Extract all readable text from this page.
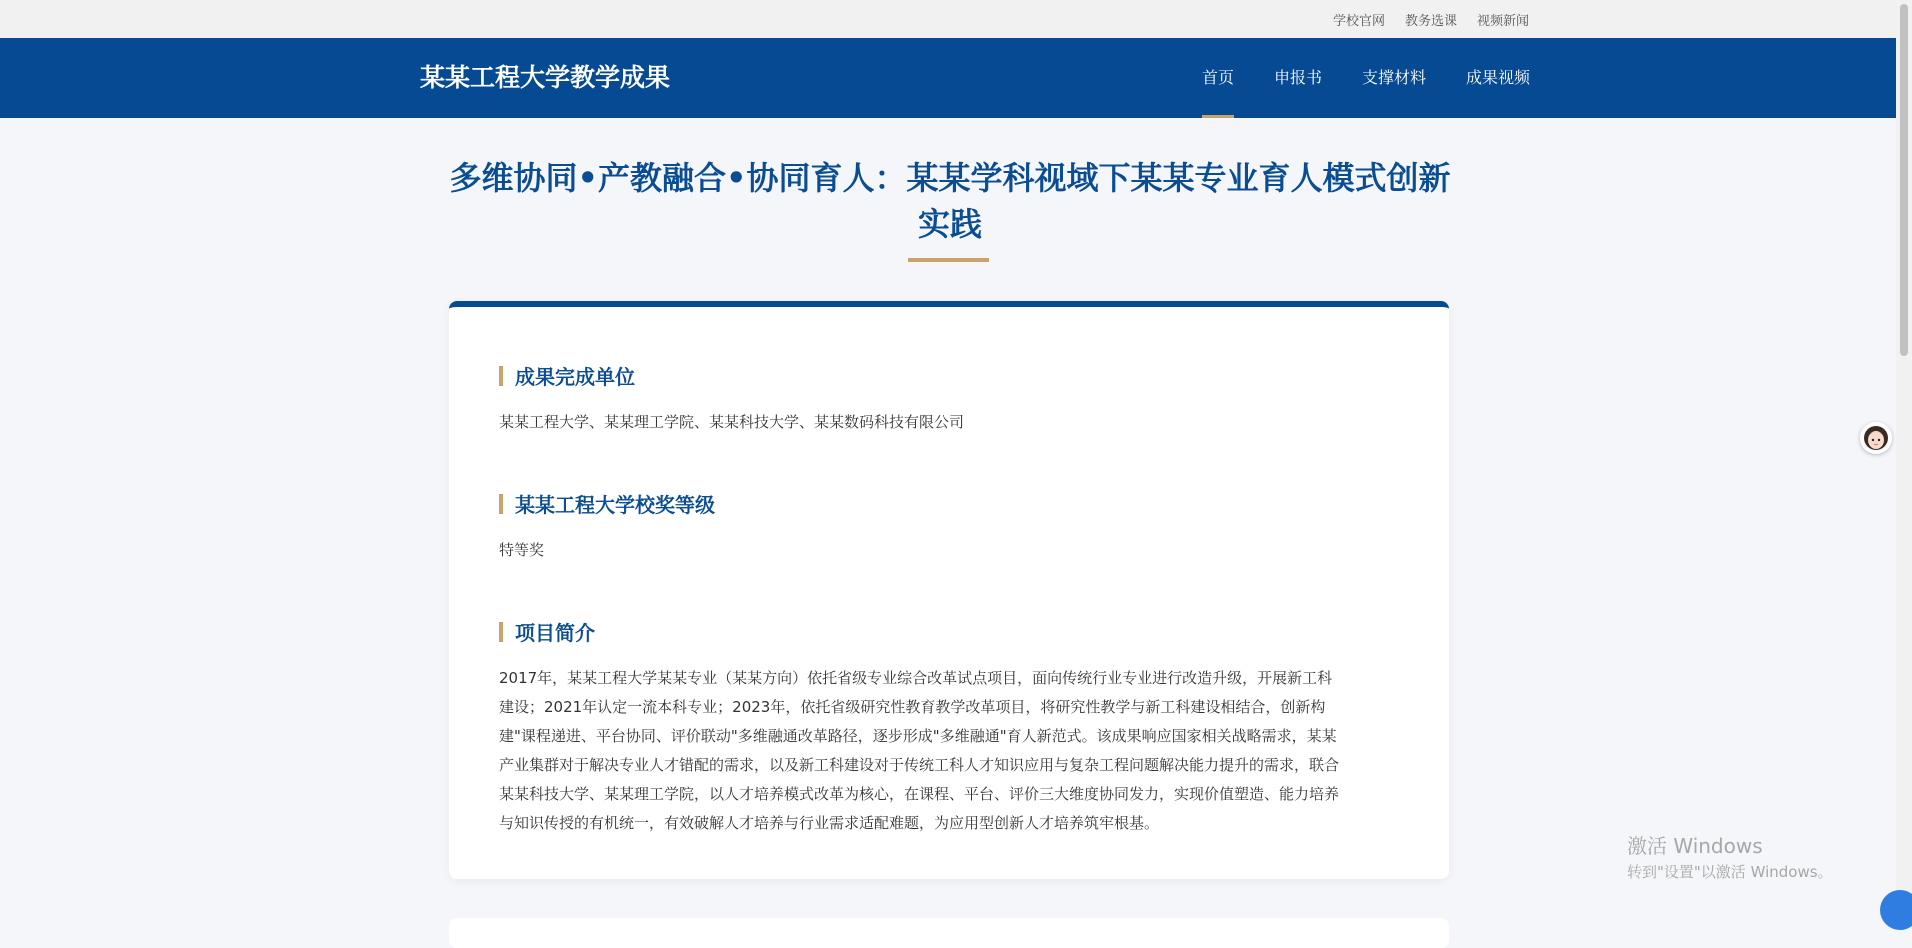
学校官网 教务选课 视频新闻
某某工程大学教学成果	首页	申报书	支撑材料	成果视频
多维协同•产教融合•协同育人：某某学科视域下某某专业育人模式创新
实践
成果完成单位
某某工程大学、某某理工学院、某某科技大学、某某数码科技有限公司
某某工程大学校奖等级
特等奖
项目简介
2017年，某某工程大学某某专业（某某方向）依托省级专业综合改革试点项目，面向传统行业专业进行改造升级，开展新工科
建设；2021年认定一流本科专业；2023年，依托省级研究性教育教学改革项目，将研究性教学与新工科建设相结合，创新构
建"课程递进、平台协同、评价联动"多维融通改革路径，逐步形成"多维融通"育人新范式。该成果响应国家相关战略需求，某某
产业集群对于解决专业人才错配的需求，以及新工科建设对于传统工科人才知识应用与复杂工程问题解决能力提升的需求，联合
某某科技大学、某某理工学院，以人才培养模式改革为核心，在课程、平台、评价三大维度协同发力，实现价值塑造、能力培养
与知识传授的有机统一，有效破解人才培养与行业需求适配难题，为应用型创新人才培养筑牢根基。
激活 Windows
转到"设置"以激活 Windows。
